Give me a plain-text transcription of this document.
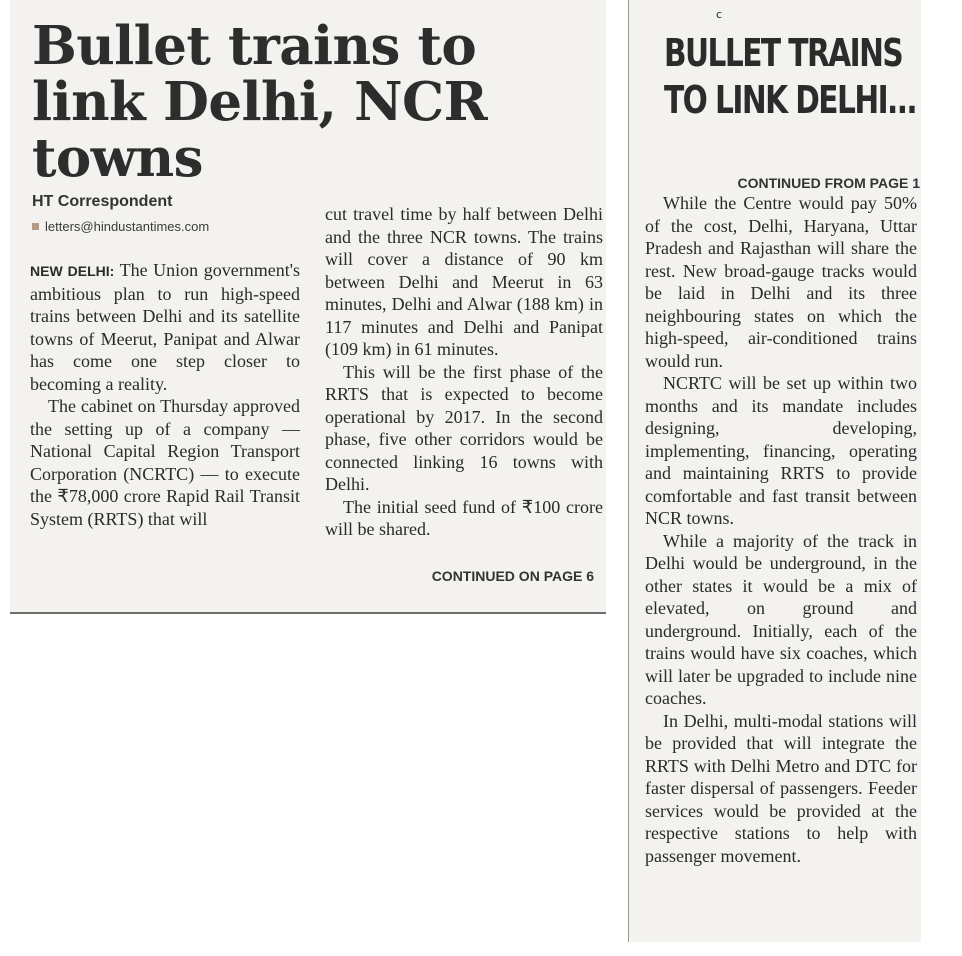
Bullet trains to link Delhi, NCR towns
HT Correspondent
letters@hindustantimes.com

NEW DELHI: The Union government's ambitious plan to run high-speed trains between Delhi and its satellite towns of Meerut, Panipat and Alwar has come one step closer to becoming a reality.

The cabinet on Thursday approved the setting up of a company — National Capital Region Transport Corporation (NCRTC) — to execute the ₹78,000 crore Rapid Rail Transit System (RRTS) that will

cut travel time by half between Delhi and the three NCR towns. The trains will cover a distance of 90 km between Delhi and Meerut in 63 minutes, Delhi and Alwar (188 km) in 117 minutes and Delhi and Panipat (109 km) in 61 minutes.

This will be the first phase of the RRTS that is expected to become operational by 2017. In the second phase, five other corridors would be connected linking 16 towns with Delhi.

The initial seed fund of ₹100 crore will be shared.

CONTINUED ON PAGE 6
c
BULLET TRAINS TO LINK DELHI...
CONTINUED FROM PAGE 1

While the Centre would pay 50% of the cost, Delhi, Haryana, Uttar Pradesh and Rajasthan will share the rest. New broad-gauge tracks would be laid in Delhi and its three neighbouring states on which the high-speed, air-conditioned trains would run.

NCRTC will be set up within two months and its mandate includes designing, developing, implementing, financing, operating and maintaining RRTS to provide comfortable and fast transit between NCR towns.

While a majority of the track in Delhi would be underground, in the other states it would be a mix of elevated, on ground and underground. Initially, each of the trains would have six coaches, which will later be upgraded to include nine coaches.

In Delhi, multi-modal stations will be provided that will integrate the RRTS with Delhi Metro and DTC for faster dispersal of passengers. Feeder services would be provided at the respective stations to help with passenger movement.
